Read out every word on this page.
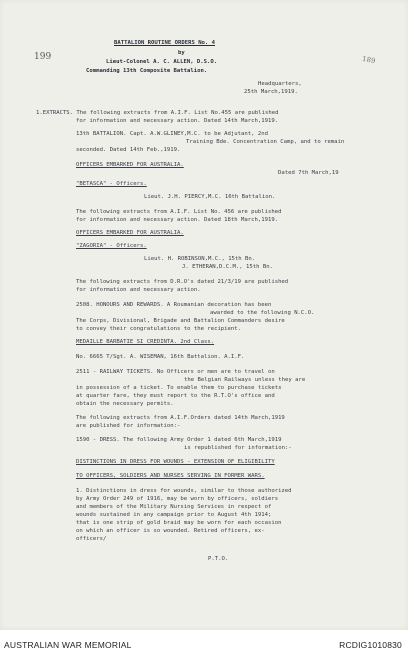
199	189
BATTALION ROUTINE ORDERS No. 4
by
Lieut-Colonel A. C. ALLEN, D.S.O.
Commanding 13th Composite Battalion.
Headquarters,
25th March,1919.
1.EXTRACTS. The following extracts from A.I.F. List No.455 are published
for information and necessary action. Dated 14th March,1919.
13th BATTALION. Capt. A.W.GLINEY,M.C. to be Adjutant, 2nd
Training Bde. Concentration Camp, and to remain
seconded. Dated 14th Feb.,1919.
OFFICERS EMBARKED FOR AUSTRALIA.
Dated 7th March,19
"BETASCA" - Officers.
Lieut. J.H. PIERCY,M.C. 16th Battalion.
The following extracts from A.I.F. List No. 456 are published
for information and necessary action. Dated 18th March,1919.
OFFICERS EMBARKED FOR AUSTRALIA.
"ZAGORIA" - Officers.
Lieut. H. ROBINSON,M.C., 15th Bn.
J. ETHERAN,D.C.M., 15th Bn.
The following extracts from D.R.O's dated 21/3/19 are published
for information and necessary action.
2508. HONOURS AND REWARDS. A Roumanian decoration has been
awarded to the following N.C.O.
The Corps, Divisional, Brigade and Battalion Commanders desire
to convey their congratulations to the recipient.
MEDAILLE BARBATIE SI CREDINTA. 2nd Class.
No. 6665 T/Sgt. A. WISEMAN, 16th Battalion. A.I.F.
2511 - RAILWAY TICKETS. No Officers or men are to travel on
the Belgian Railways unless they are
in possession of a ticket. To enable them to purchase tickets
at quarter fare, they must report to the R.T.O's office and
obtain the necessary permits.
The following extracts from A.I.F.Orders dated 14th March,1919
are published for information:-
1590 - DRESS. The following Army Order 1 dated 6th March,1919
is republished for information:-
DISTINCTIONS IN DRESS FOR WOUNDS - EXTENSION OF ELIGIBILITY
TO OFFICERS, SOLDIERS AND NURSES SERVING IN FORMER WARS.
1. Distinctions in dress for wounds, similar to those authorized
by Army Order 249 of 1916, may be worn by officers, soldiers
and members of the Military Nursing Services in respect of
wounds sustained in any campaign prior to August 4th 1914;
that is one strip of gold braid may be worn for each occasion
on which an officer is so wounded. Retired officers, ex-
officers/
P.T.O.
AUSTRALIAN WAR MEMORIAL	RCDIG1010830
